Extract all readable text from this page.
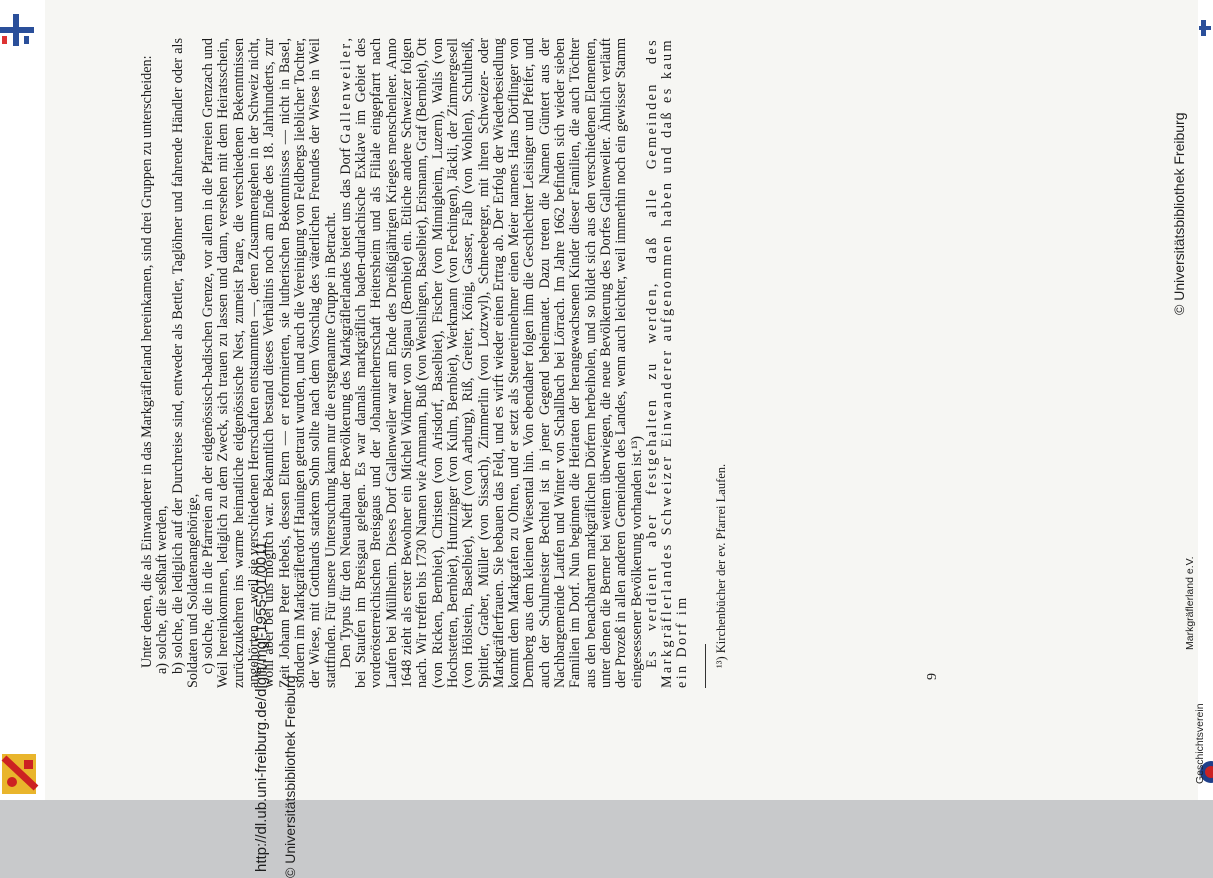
http://dl.ub.uni-freiburg.de/diglit/mgl-1955-01/0011 © Universitätsbibliothek Freiburg
© Universitätsbibliothek Freiburg
Geschichtsverein
Markgräflerland e.V.

Unter denen, die als Einwanderer in das Markgräflerland hereinkamen, sind drei Gruppen zu unterscheiden: a) solche, die seßhaft werden, b) solche, die lediglich auf der Durchreise sind, entweder als Bettler, Taglöhner und fahrende Händler oder als Soldaten und Soldatenangehörige, c) solche, die in die Pfarreien an der eidgenössisch-badischen Grenze, vor allem in die Pfarreien Grenzach und Weil hereinkommen, lediglich zu dem Zweck, sich trauen zu lassen und dann, versehen mit dem Heiratsschein, zurückzukehren ins warme heimatliche eidgenössische Nest, zumeist Paare, die verschiedenen Bekenntnissen angehörten — weil sie verschiedenen Herrschaften entstammten —, deren Zusammengehen in der Schweiz nicht, wohl aber bei uns möglich war. Bekanntlich bestand dieses Verhältnis noch am Ende des 18. Jahrhunderts, zur Zeit Johann Peter Hebels, dessen Eltern — er reformierten, sie lutherischen Bekenntnisses — nicht in Basel, sondern im Markgräflerdorf Hauingen getraut wurden, und auch die Vereinigung von Feldbergs lieblicher Tochter, der Wiese, mit Gotthards starkem Sohn sollte nach dem Vorschlag des väterlichen Freundes der Wiese in Weil stattfinden. Für unsere Untersuchung kann nur die erstgenannte Gruppe in Betracht. Den Typus für den Neuaufbau der Bevölkerung des Markgräflerlandes bietet uns das Dorf Gallenweiler, bei Staufen im Breisgau gelegen. Es war damals markgräflich baden-durlachische Exklave im Gebiet des vorderösterreichischen Breisgaus und der Johanniterherrschaft Heitersheim und als Filiale eingepfarrt nach Laufen bei Müllheim. Dieses Dorf Gallenweiler war am Ende des Dreißigjährigen Krieges menschenleer. Anno 1648 zieht als erster Bewohner ein Michel Widmer von Signau (Bernbiet) ein. Etliche andere Schweizer folgen nach. Wir treffen bis 1730 Namen wie Ammann, Buß (von Wenslingen, Baselbiet), Erismann, Graf (Bernbiet), Ott (von Ricken, Bernbiet), Christen (von Arisdorf, Baselbiet), Fischer (von Minnigheim, Luzern), Walis (von Hochstetten, Bernbiet), Huntzinger (von Kulm, Bernbiet), Werkmann (von Fechingen), Jäckli, der Zimmergesell (von Hölstein, Baselbiet), Neff (von Aarburg), Riß, Greiter, König, Gasser, Falb (von Wohlen), Schultheiß, Spittler, Graber, Müller (von Sissach), Zimmerlin (von Lotzwyl), Schneeberger, mit ihren Schweizer- oder Markgräflerfrauen. Sie bebauen das Feld, und es wirft wieder einen Ertrag ab. Der Erfolg der Wiederbesiedlung kommt dem Markgrafen zu Ohren, und er setzt als Steuereinnehmer einen Meier namens Hans Dörflinger von Demberg aus dem kleinen Wiesental hin. Von ebendaher folgen ihm die Geschlechter Leisinger und Pfeifer, und auch der Schulmeister Bechtel ist in jener Gegend beheimatet. Dazu treten die Namen Güntert aus der Nachbargemeinde Laufen und Winter von Schallbach bei Lörrach. Im Jahre 1662 befinden sich wieder sieben Familien im Dorf. Nun beginnen die Heiraten der herangewachsenen Kinder dieser Familien, die auch Töchter aus den benachbarten markgräflichen Dörfern herbeiholen, und so bildet sich aus den verschiedenen Elementen, unter denen die Berner bei weitem überwiegen, die neue Bevölkerung des Dorfes Gallenweiler. Ähnlich verläuft der Prozeß in allen anderen Gemeinden des Landes, wenn auch leichter, weil immerhin noch ein gewisser Stamm eingesessener Bevölkerung vorhanden ist.¹³) Es verdient aber festgehalten zu werden, daß alle Gemeinden des Markgräflerlandes Schweizer Einwanderer aufgenommen haben und daß es kaum ein Dorf im ¹³) Kirchenbücher der ev. Pfarrei Laufen.

9
